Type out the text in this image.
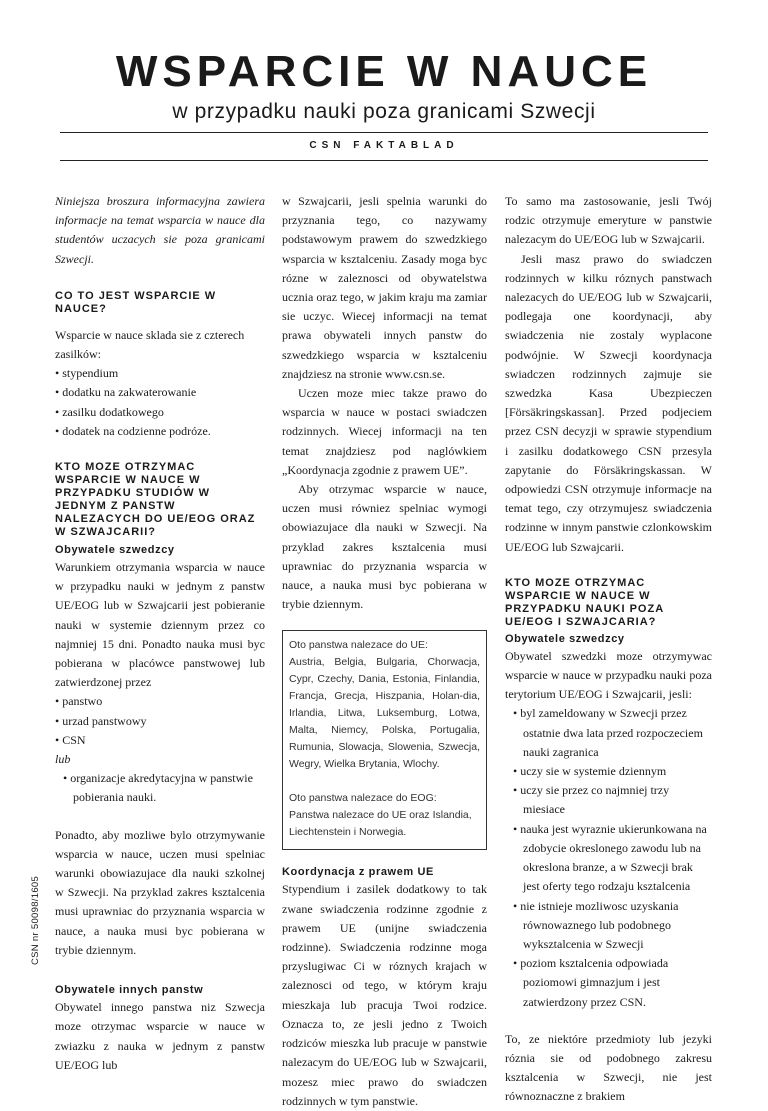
WSPARCIE W NAUCE
w przypadku nauki poza granicami Szwecji
CSN FAKTABLAD
CSN nr 50098/1605

Niniejsza broszura informacyjna zawiera informacje na temat wsparcia w nauce dla studentów uczacych sie poza granicami Szwecji.

CO TO JEST WSPARCIE W NAUCE?

Wsparcie w nauce sklada sie z czterech zasilków:

• stypendium
• dodatku na zakwaterowanie
• zasilku dodatkowego
• dodatek na codzienne podróze.
KTO MOZE OTRZYMAC WSPARCIE W NAUCE W PRZYPADKU STUDIÓW W JEDNYM Z PANSTW NALEZACYCH DO UE/EOG ORAZ W SZWAJCARII?
Obywatele szwedzcy

Warunkiem otrzymania wsparcia w nauce w przypadku nauki w jednym z panstw UE/EOG lub w Szwajcarii jest pobieranie nauki w systemie dziennym przez co najmniej 15 dni. Ponadto nauka musi byc pobierana w placówce panstwowej lub zatwierdzonej przez

• panstwo
• urzad panstwowy
• CSN

lub

• organizacje akredytacyjna w panstwie pobierania nauki.

Ponadto, aby mozliwe bylo otrzymywanie wsparcia w nauce, uczen musi spelniac warunki obowiazujace dla nauki szkolnej w Szwecji. Na przyklad zakres ksztalcenia musi uprawniac do przyznania wsparcia w nauce, a nauka musi byc pobierana w trybie dziennym.

Obywatele innych panstw

Obywatel innego panstwa niz Szwecja moze otrzymac wsparcie w nauce w zwiazku z nauka w jednym z panstw UE/EOG lub

w Szwajcarii, jesli spelnia warunki do przyznania tego, co nazywamy podstawowym prawem do szwedzkiego wsparcia w ksztalceniu. Zasady moga byc rózne w zaleznosci od obywatelstwa ucznia oraz tego, w jakim kraju ma zamiar sie uczyc. Wiecej informacji na temat prawa obywateli innych panstw do szwedzkiego wsparcia w ksztalceniu znajdziesz na stronie www.csn.se.

Uczen moze miec takze prawo do wsparcia w nauce w postaci swiadczen rodzinnych. Wiecej informacji na ten temat znajdziesz pod naglówkiem „Koordynacja zgodnie z prawem UE”.

Aby otrzymac wsparcie w nauce, uczen musi równiez spelniac wymogi obowiazujace dla nauki w Szwecji. Na przyklad zakres ksztalcenia musi uprawniac do przyznania wsparcia w nauce, a nauka musi byc pobierana w trybie dziennym.

Oto panstwa nalezace do UE:
Austria, Belgia, Bulgaria, Chorwacja, Cypr, Czechy, Dania, Estonia, Finlandia, Francja, Grecja, Hiszpania, Holan-dia, Irlandia, Litwa, Luksemburg, Lotwa, Malta, Niemcy, Polska, Portugalia, Rumunia, Slowacja, Slowenia, Szwecja, Wegry, Wielka Brytania, Wlochy.
Oto panstwa nalezace do EOG:
Panstwa nalezace do UE oraz Islandia, Liechtenstein i Norwegia.
Koordynacja z prawem UE

Stypendium i zasilek dodatkowy to tak zwane swiadczenia rodzinne zgodnie z prawem UE (unijne swiadczenia rodzinne). Swiadczenia rodzinne moga przyslugiwac Ci w róznych krajach w zaleznosci od tego, w którym kraju mieszkaja lub pracuja Twoi rodzice. Oznacza to, ze jesli jedno z Twoich rodziców mieszka lub pracuje w panstwie nalezacym do UE/EOG lub w Szwajcarii, mozesz miec prawo do swiadczen rodzinnych w tym panstwie.

To samo ma zastosowanie, jesli Twój rodzic otrzymuje emeryture w panstwie nalezacym do UE/EOG lub w Szwajcarii.

Jesli masz prawo do swiadczen rodzinnych w kilku róznych panstwach nalezacych do UE/EOG lub w Szwajcarii, podlegaja one koordynacji, aby swiadczenia nie zostaly wyplacone podwójnie. W Szwecji koordynacja swiadczen rodzinnych zajmuje sie szwedzka Kasa Ubezpieczen [Försäkringskassan]. Przed podjeciem przez CSN decyzji w sprawie stypendium i zasilku dodatkowego CSN przesyla zapytanie do Försäkringskassan. W odpowiedzi CSN otrzymuje informacje na temat tego, czy otrzymujesz swiadczenia rodzinne w innym panstwie czlonkowskim UE/EOG lub Szwajcarii.

KTO MOZE OTRZYMAC WSPARCIE W NAUCE W PRZYPADKU NAUKI POZA UE/EOG I SZWAJCARIA?
Obywatele szwedzcy

Obywatel szwedzki moze otrzymywac wsparcie w nauce w przypadku nauki poza terytorium UE/EOG i Szwajcarii, jesli:

• byl zameldowany w Szwecji przez ostatnie dwa lata przed rozpoczeciem nauki zagranica
• uczy sie w systemie dziennym
• uczy sie przez co najmniej trzy miesiace
• nauka jest wyraznie ukierunkowana na zdobycie okreslonego zawodu lub na okreslona branze, a w Szwecji brak jest oferty tego rodzaju ksztalcenia
• nie istnieje mozliwosc uzyskania równowaznego lub podobnego wyksztalcenia w Szwecji
• poziom ksztalcenia odpowiada poziomowi gimnazjum i jest zatwierdzony przez CSN.

To, ze niektóre przedmioty lub jezyki róznia sie od podobnego zakresu ksztalcenia w Szwecji, nie jest równoznaczne z brakiem
